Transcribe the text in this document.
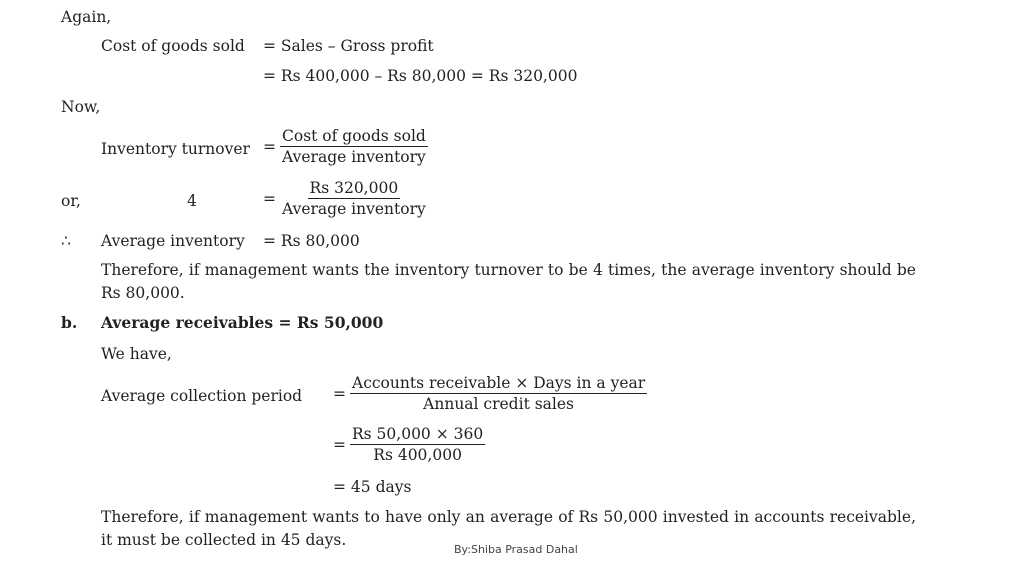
Again,
Cost of goods sold = Sales – Gross profit
= Rs 400,000 – Rs 80,000 = Rs 320,000
Now,
Inventory turnover = $\frac{\text{Cost of goods sold}}{\text{Average inventory}}$
or,	4	= $\frac{Rs 320,000}{\text{Average inventory}}$
∴ Average inventory = Rs 80,000
Therefore, if management wants the inventory turnover to be 4 times, the average inventory should be Rs 80,000.
b. Average receivables = Rs 50,000
We have,
Average collection period = $\frac{\text{Accounts receivable × Days in a year}}{\text{Annual credit sales}}$
= $\frac{Rs 50,000 \times 360}{Rs 400,000}$
= 45 days
Therefore, if management wants to have only an average of Rs 50,000 invested in accounts receivable, it must be collected in 45 days.
By:Shiba Prasad Dahal
